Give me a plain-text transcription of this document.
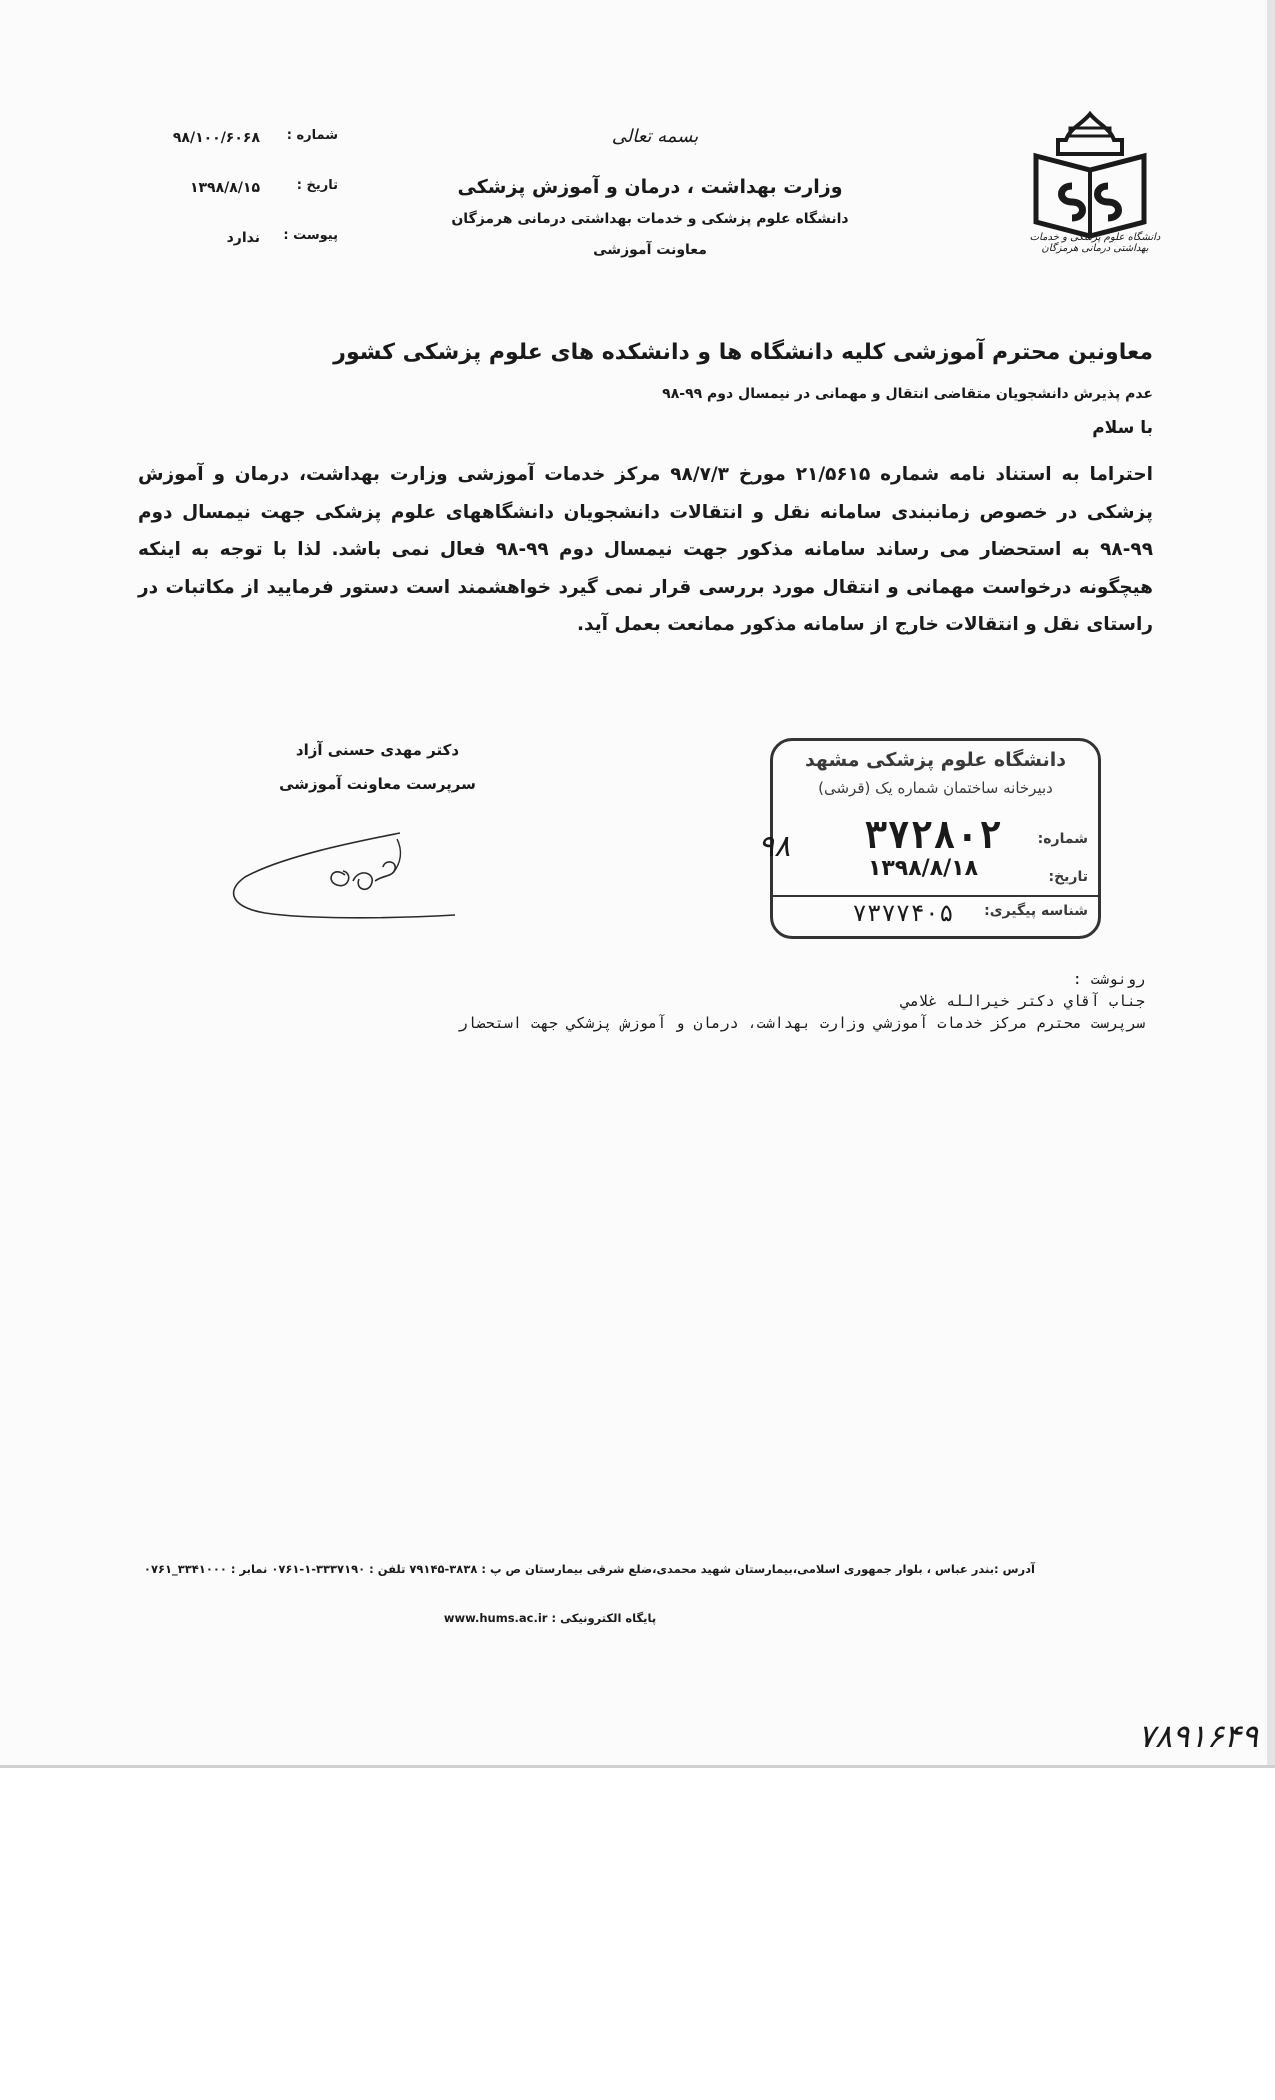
دانشگاه علوم پزشکی و خدمات بهداشتی درمانی هرمزگان
بسمه تعالی
وزارت بهداشت ، درمان و آموزش پزشکی
دانشگاه علوم پزشکی و خدمات بهداشتی درمانی هرمزگان
معاونت آموزشی
شماره :
۹۸/۱۰۰/۶۰۶۸
تاریخ :
۱۳۹۸/۸/۱۵
پیوست :
ندارد
معاونین محترم آموزشی کلیه دانشگاه ها و دانشکده های علوم پزشکی کشور
عدم پذیرش دانشجویان متقاضی انتقال و مهمانی در نیمسال دوم ۹۹-۹۸
با سلام
احتراما به استناد نامه شماره ۲۱/۵۶۱۵ مورخ ۹۸/۷/۳ مرکز خدمات آموزشی وزارت بهداشت، درمان و آموزش پزشکی در خصوص زمانبندی سامانه نقل و انتقالات دانشجویان دانشگاههای علوم پزشکی جهت نیمسال دوم ۹۹-۹۸ به استحضار می رساند سامانه مذکور جهت نیمسال دوم ۹۹-۹۸ فعال نمی باشد. لذا با توجه به اینکه هیچگونه درخواست مهمانی و انتقال مورد بررسی قرار نمی گیرد خواهشمند است دستور فرمایید از مکاتبات در راستای نقل و انتقالات خارج از سامانه مذکور ممانعت بعمل آید.
دکتر مهدی حسنی آزاد
سرپرست معاونت آموزشی
دانشگاه علوم پزشکی مشهد
دبیرخانه ساختمان شماره یک (قرشی)
شماره:
۳۷۲۸۰۲
تاریخ:
۱۳۹۸/۸/۱۸
شناسه پیگیری:
۷۳۷۷۴۰۵
۹۸
رونوشت :
جناب آقاي دكتر خيرالله غلامي
سرپرست محترم مركز خدمات آموزشي وزارت بهداشت، درمان و آموزش پزشكي جهت استحضار
آدرس :بندر عباس ، بلوار جمهوری اسلامی،بیمارستان شهید محمدی،ضلع شرقی بیمارستان ص پ : ۳۸۳۸-۷۹۱۴۵ تلفن : ۳۳۳۷۱۹۰-۱-۰۷۶۱ نمابر : ۳۳۴۱۰۰۰_۰۷۶۱
پایگاه الکترونیکی : www.hums.ac.ir
۷۸۹۱۶۴۹
